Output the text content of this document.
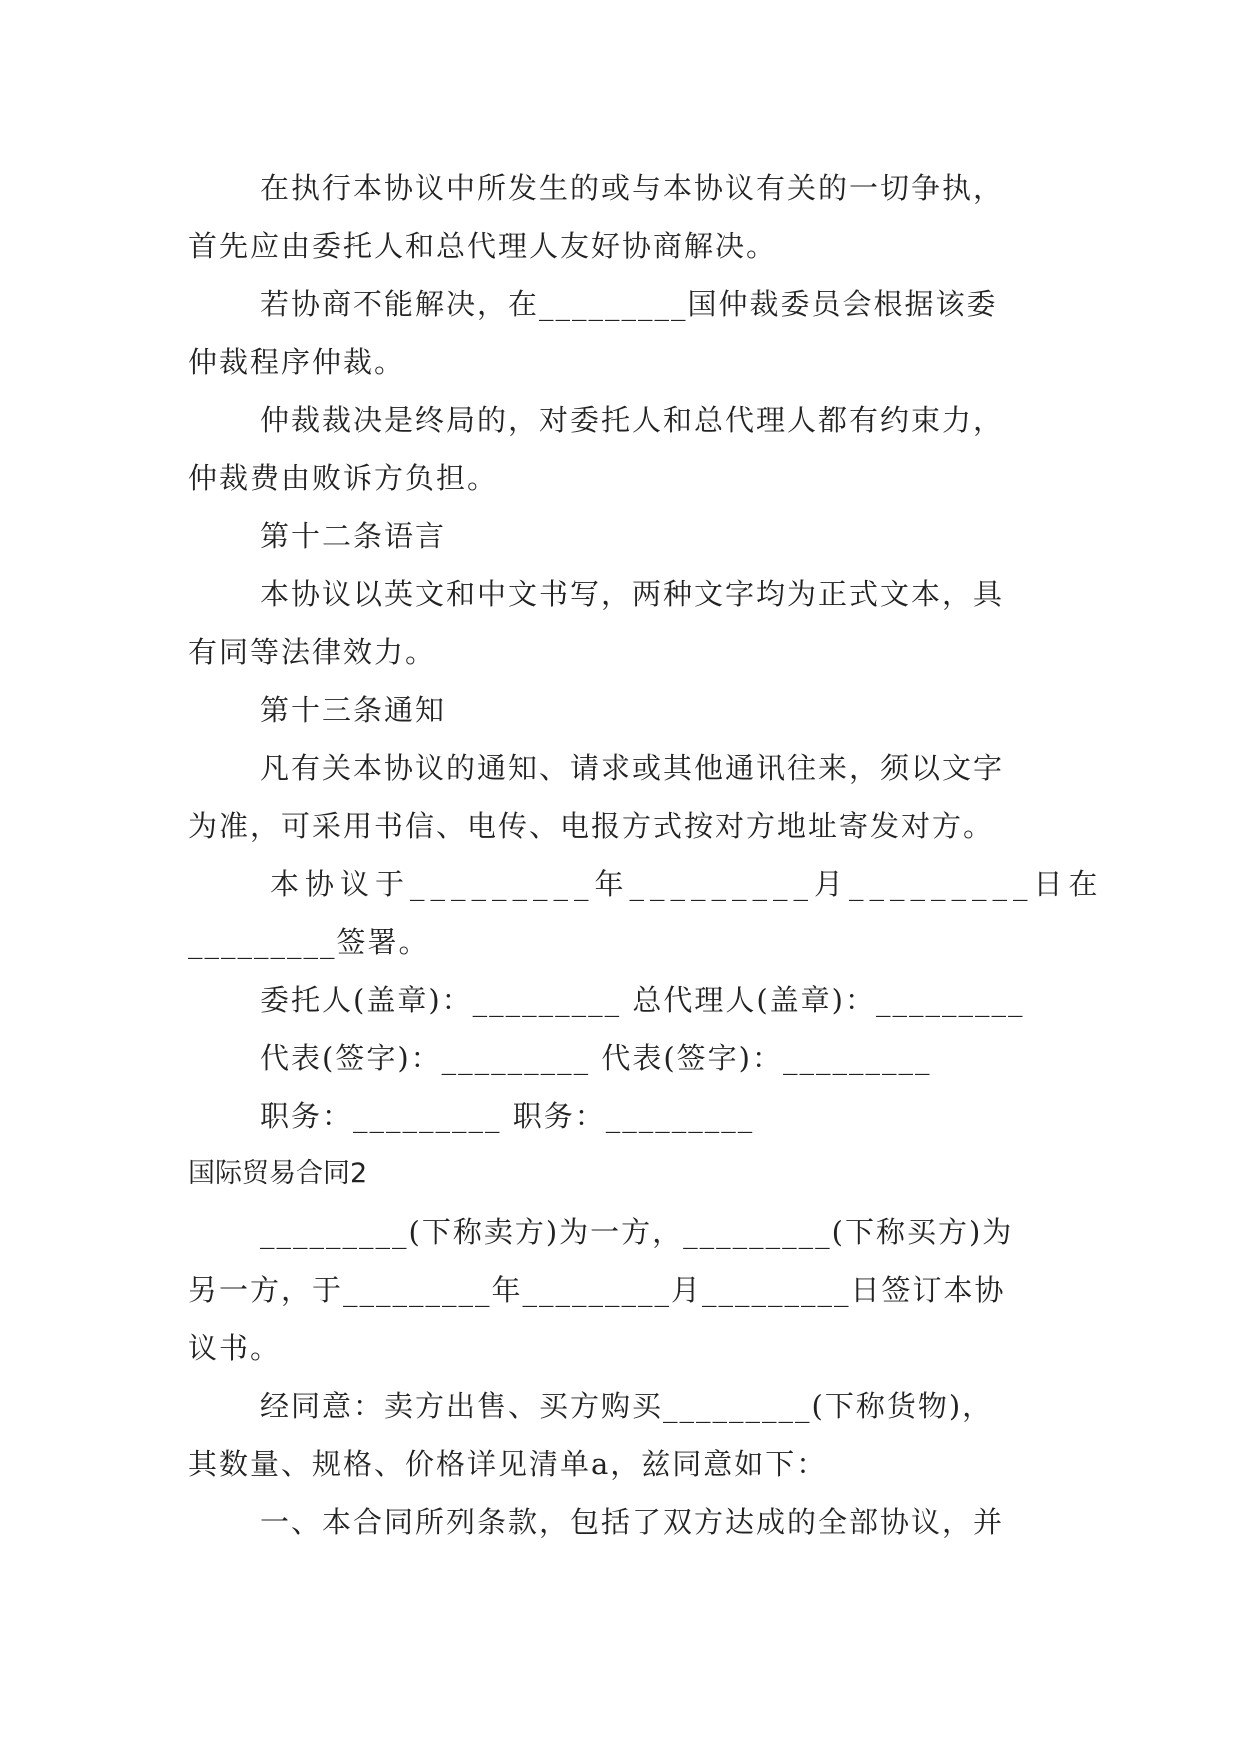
在执行本协议中所发生的或与本协议有关的一切争执，
首先应由委托人和总代理人友好协商解决。
若协商不能解决，在_________国仲裁委员会根据该委
仲裁程序仲裁。
仲裁裁决是终局的，对委托人和总代理人都有约束力，
仲裁费由败诉方负担。
第十二条语言
本协议以英文和中文书写，两种文字均为正式文本，具
有同等法律效力。
第十三条通知
凡有关本协议的通知、请求或其他通讯往来，须以文字
为准，可采用书信、电传、电报方式按对方地址寄发对方。
本协议于_________年_________月_________日在
_________签署。
委托人(盖章)：_________ 总代理人(盖章)：_________
代表(签字)：_________ 代表(签字)：_________
职务：_________ 职务：_________
国际贸易合同2
_________(下称卖方)为一方，_________(下称买方)为
另一方，于_________年_________月_________日签订本协
议书。
经同意：卖方出售、买方购买_________(下称货物)，
其数量、规格、价格详见清单a，兹同意如下：
一、本合同所列条款，包括了双方达成的全部协议，并
